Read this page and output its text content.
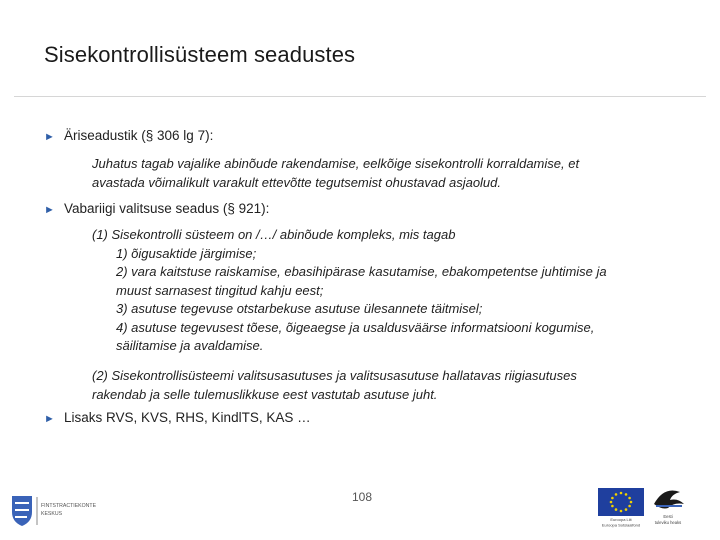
Sisekontrollisüsteem seadustes
► Äriseadustik (§ 306 lg 7):
Juhatus tagab vajalike abinõude rakendamise, eelkõige sisekontrolli korraldamise, et
avastada võimalikult varakult ettevõtte tegutsemist ohustavad asjaolud.
► Vabariigi valitsuse seadus (§ 921):
(1) Sisekontrolli süsteem on /…/ abinõude kompleks, mis tagab
1) õigusaktide järgimise;
2) vara kaitstuse raiskamise, ebasihipärase kasutamise, ebakompetentse juhtimise ja
muust sarnasest tingitud kahju eest;
3) asutuse tegevuse otstarbekuse asutuse ülesannete täitmisel;
4) asutuse tegevusest tõese, õigeaegse ja usaldusväärse informatsiooni kogumise,
säilitamise ja avaldamise.
(2) Sisekontrollisüsteemi valitsusasutuses ja valitsusasutuse hallatavas riigiasutuses
rakendab ja selle tulemuslikkuse eest vastutab asutuse juht.
► Lisaks RVS, KVS, RHS, KindlTS, KAS …
108
FINTSTRACTIEKONTE
KESKUS
Euroopa Liit
Euroopa Sotsiaalfond
Eesti
tuleviku heaks
